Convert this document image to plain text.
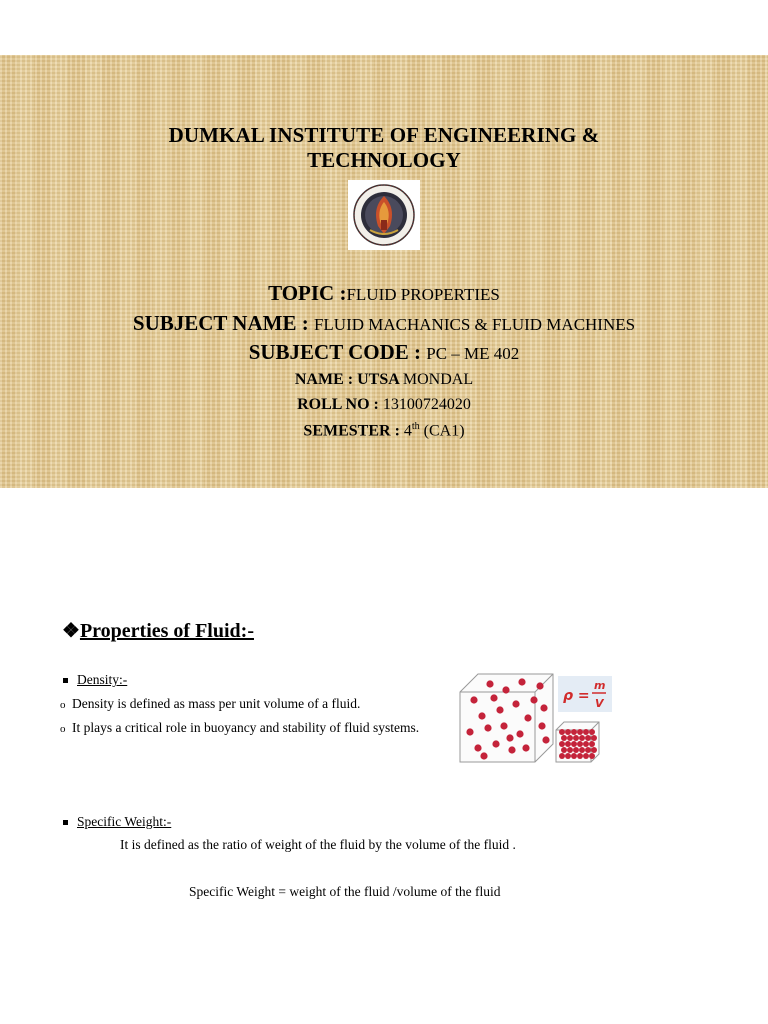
DUMKAL INSTITUTE OF ENGINEERING &
TECHNOLOGY
TOPIC :FLUID PROPERTIES
SUBJECT NAME : FLUID MACHANICS & FLUID MACHINES
SUBJECT CODE : PC – ME 402
NAME : UTSA MONDAL
ROLL NO : 13100724020
SEMESTER : 4th (CA1)
❖Properties of Fluid:-
Density:-
o Density is defined as mass per unit volume of a fluid.
o It plays a critical role in buoyancy and stability of fluid systems.
ρ =
m
V
Specific Weight:-
It is defined as the ratio of weight of the fluid by the volume of the fluid .
Specific Weight = weight of the fluid /volume of the fluid
